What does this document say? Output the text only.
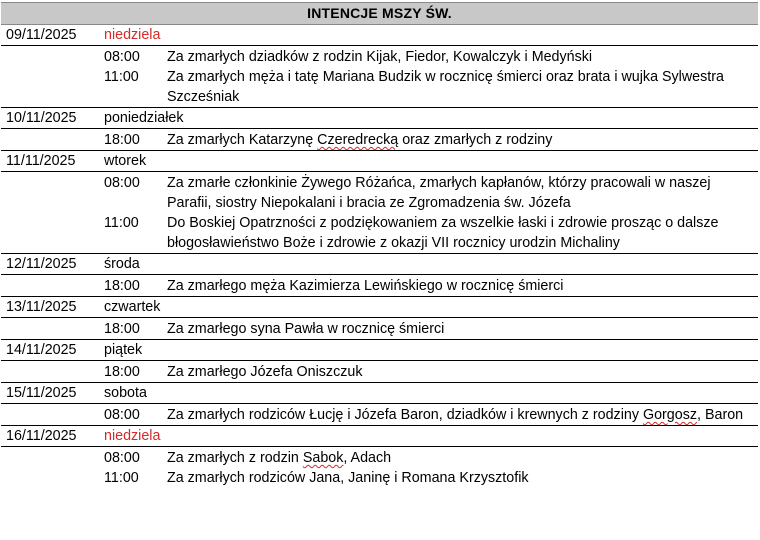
INTENCJE MSZY ŚW.
09/11/2025 niedziela
08:00	Za zmarłych dziadków z rodzin Kijak, Fiedor, Kowalczyk i Medyński
11:00	Za zmarłych męża i tatę Mariana Budzik w rocznicę śmierci oraz brata i wujka Sylwestra Szcześniak
10/11/2025 poniedziałek
18:00	Za zmarłych Katarzynę Czeredrecką oraz zmarłych z rodziny
11/11/2025 wtorek
08:00	Za zmarłe członkinie Żywego Różańca, zmarłych kapłanów, którzy pracowali w naszej Parafii, siostry Niepokalani i bracia ze Zgromadzenia św. Józefa
11:00	Do Boskiej Opatrzności z podziękowaniem za wszelkie łaski i zdrowie prosząc o dalsze błogosławieństwo Boże i zdrowie z okazji VII rocznicy urodzin Michaliny
12/11/2025 środa
18:00	Za zmarłego męża Kazimierza Lewińskiego w rocznicę śmierci
13/11/2025 czwartek
18:00	Za zmarłego syna Pawła w rocznicę śmierci
14/11/2025 piątek
18:00	Za zmarłego Józefa Oniszczuk
15/11/2025 sobota
08:00	Za zmarłych rodziców Łucję i Józefa Baron, dziadków i krewnych z rodziny Gorgosz, Baron
16/11/2025 niedziela
08:00	Za zmarłych z rodzin Sabok, Adach
11:00	Za zmarłych rodziców Jana, Janinę i Romana Krzysztofik
